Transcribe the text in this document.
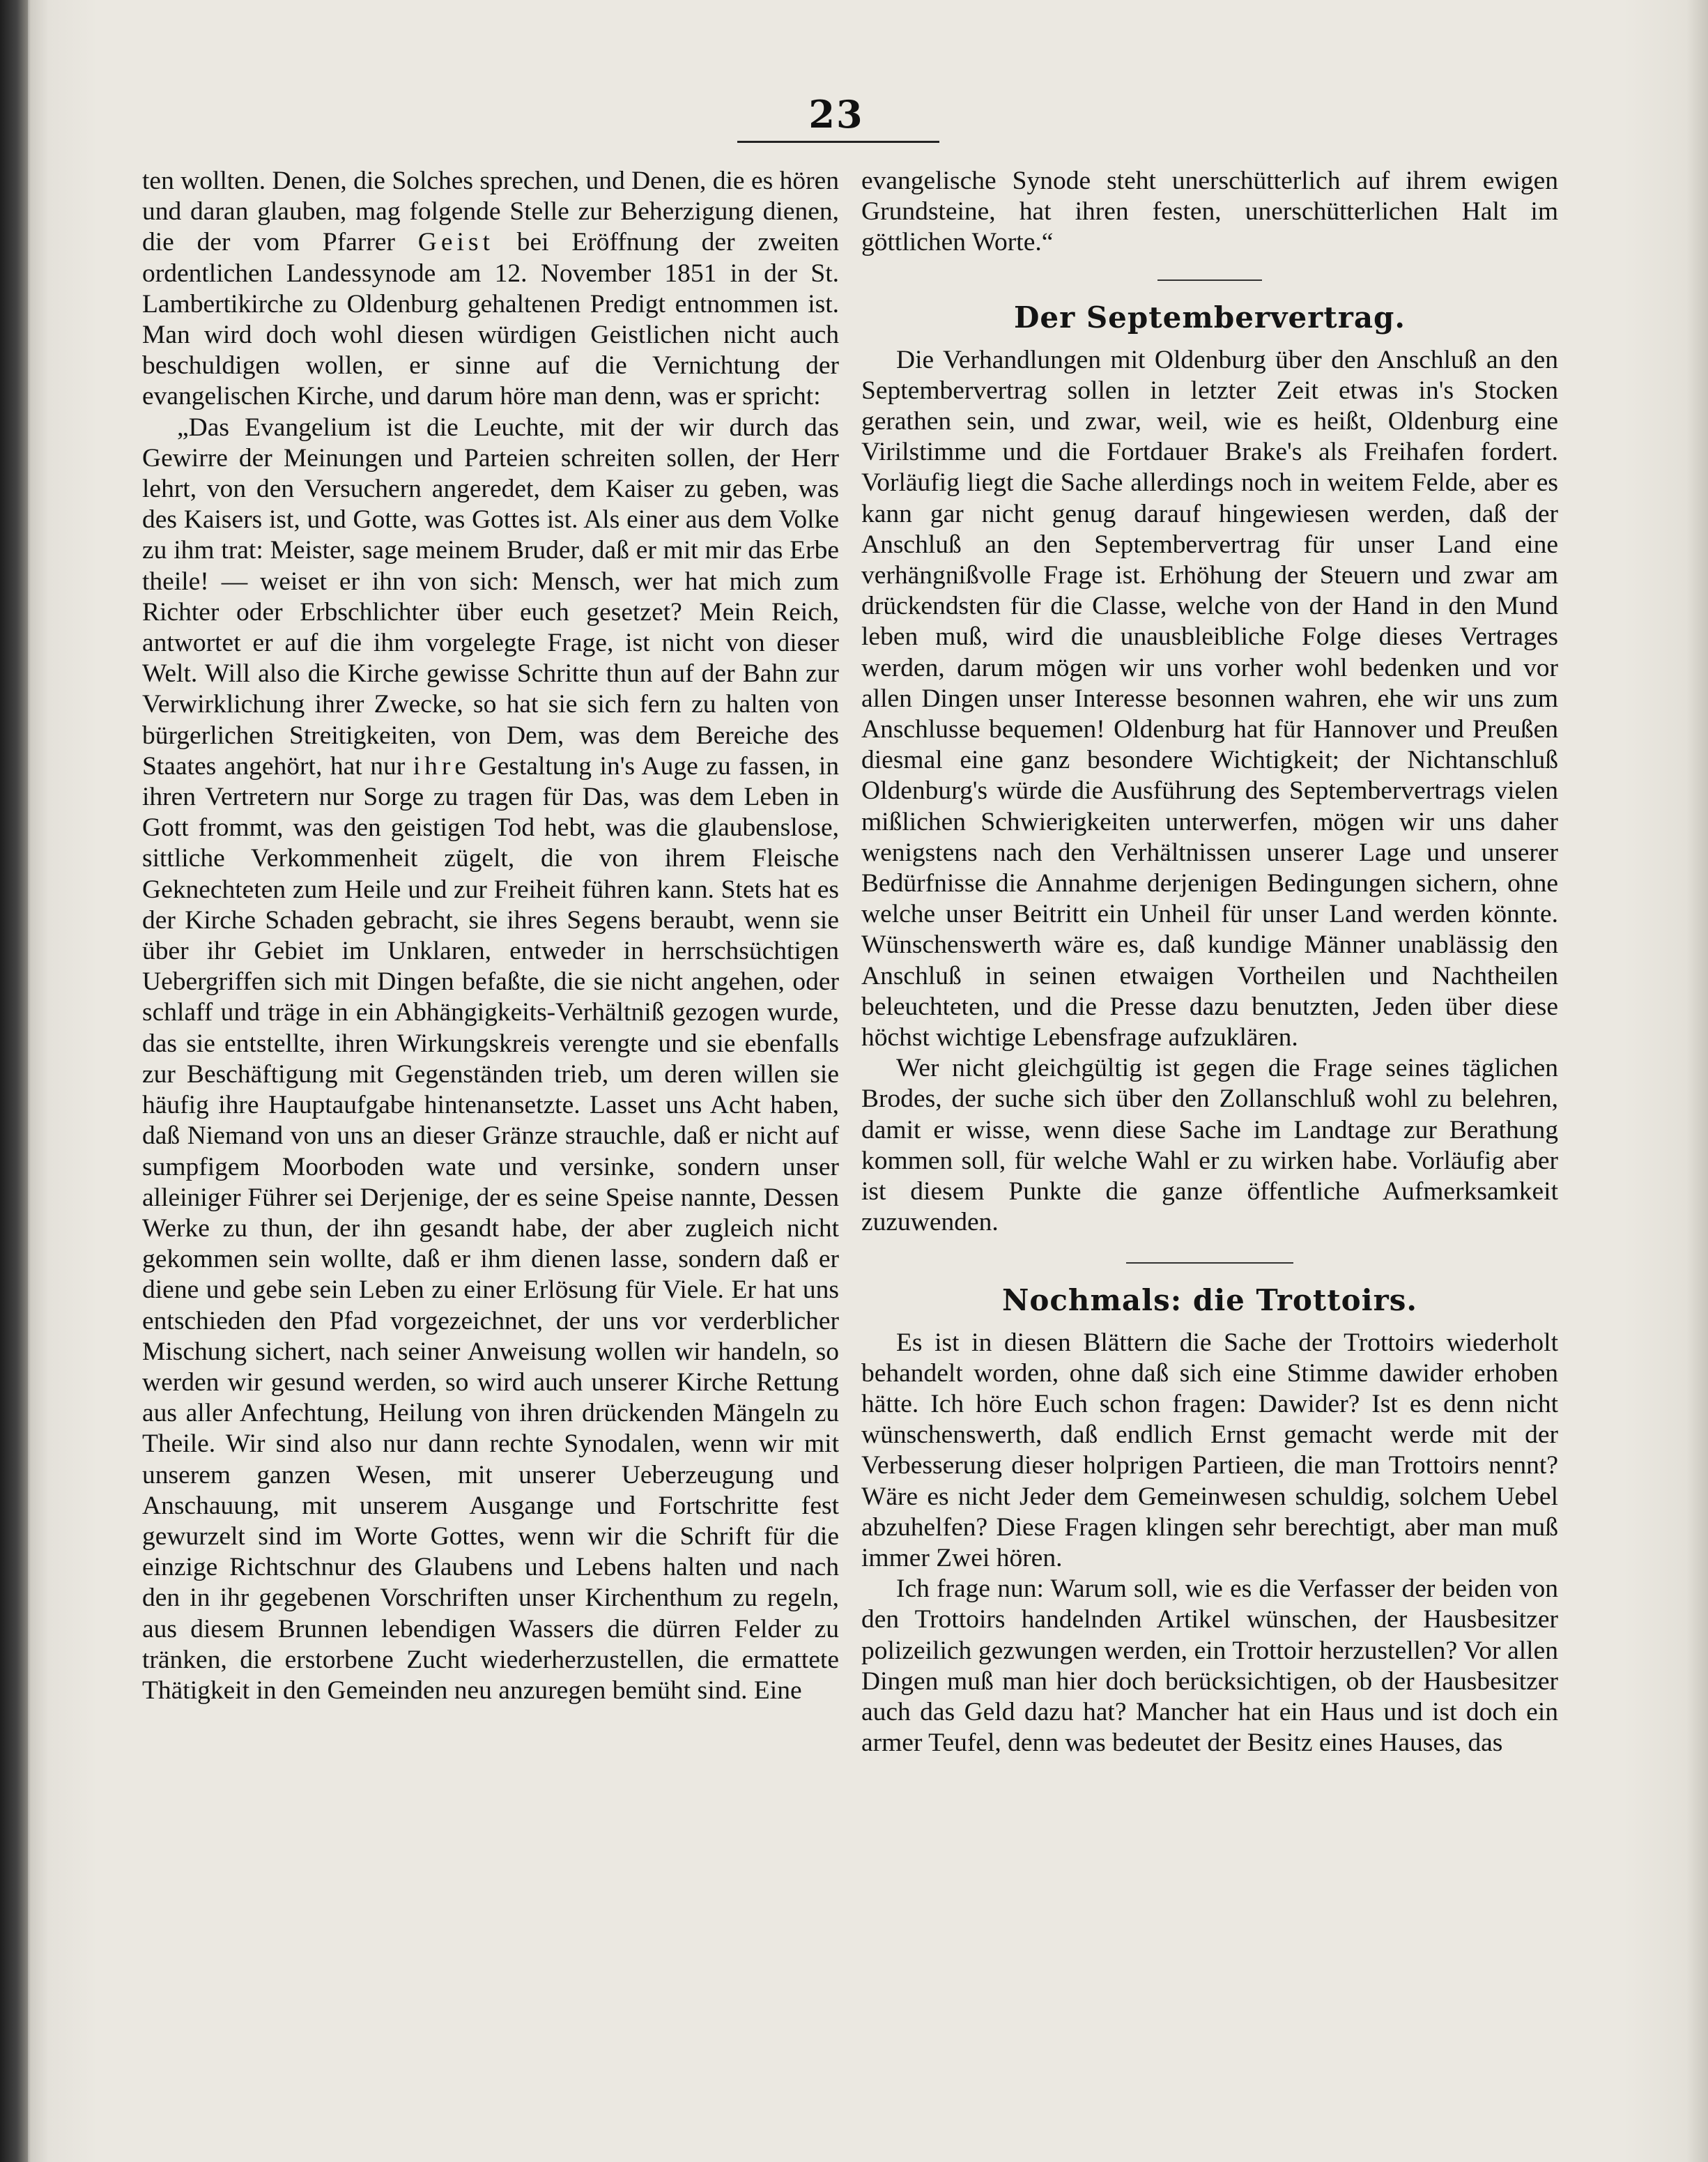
23

ten wollten. Denen, die Solches sprechen, und Denen, die es hören und daran glauben, mag folgende Stelle zur Beherzigung dienen, die der vom Pfarrer Geist bei Eröffnung der zweiten ordentlichen Landessynode am 12. November 1851 in der St. Lambertikirche zu Oldenburg gehaltenen Predigt entnommen ist. Man wird doch wohl diesen würdigen Geistlichen nicht auch beschuldigen wollen, er sinne auf die Vernichtung der evangelischen Kirche, und darum höre man denn, was er spricht:

„Das Evangelium ist die Leuchte, mit der wir durch das Gewirre der Meinungen und Parteien schreiten sollen, der Herr lehrt, von den Versuchern angeredet, dem Kaiser zu geben, was des Kaisers ist, und Gotte, was Gottes ist. Als einer aus dem Volke zu ihm trat: Meister, sage meinem Bruder, daß er mit mir das Erbe theile! — weiset er ihn von sich: Mensch, wer hat mich zum Richter oder Erbschlichter über euch gesetzet? Mein Reich, antwortet er auf die ihm vorgelegte Frage, ist nicht von dieser Welt. Will also die Kirche gewisse Schritte thun auf der Bahn zur Verwirklichung ihrer Zwecke, so hat sie sich fern zu halten von bürgerlichen Streitigkeiten, von Dem, was dem Bereiche des Staates angehört, hat nur ihre Gestaltung in's Auge zu fassen, in ihren Vertretern nur Sorge zu tragen für Das, was dem Leben in Gott frommt, was den geistigen Tod hebt, was die glaubenslose, sittliche Verkommenheit zügelt, die von ihrem Fleische Geknechteten zum Heile und zur Freiheit führen kann. Stets hat es der Kirche Schaden gebracht, sie ihres Segens beraubt, wenn sie über ihr Gebiet im Unklaren, entweder in herrschsüchtigen Uebergriffen sich mit Dingen befaßte, die sie nicht angehen, oder schlaff und träge in ein Abhängigkeits-Verhältniß gezogen wurde, das sie entstellte, ihren Wirkungskreis verengte und sie ebenfalls zur Beschäftigung mit Gegenständen trieb, um deren willen sie häufig ihre Hauptaufgabe hintenansetzte. Lasset uns Acht haben, daß Niemand von uns an dieser Gränze strauchle, daß er nicht auf sumpfigem Moorboden wate und versinke, sondern unser alleiniger Führer sei Derjenige, der es seine Speise nannte, Dessen Werke zu thun, der ihn gesandt habe, der aber zugleich nicht gekommen sein wollte, daß er ihm dienen lasse, sondern daß er diene und gebe sein Leben zu einer Erlösung für Viele. Er hat uns entschieden den Pfad vorgezeichnet, der uns vor verderblicher Mischung sichert, nach seiner Anweisung wollen wir handeln, so werden wir gesund werden, so wird auch unserer Kirche Rettung aus aller Anfechtung, Heilung von ihren drückenden Mängeln zu Theile. Wir sind also nur dann rechte Synodalen, wenn wir mit unserem ganzen Wesen, mit unserer Ueberzeugung und Anschauung, mit unserem Ausgange und Fortschritte fest gewurzelt sind im Worte Gottes, wenn wir die Schrift für die einzige Richtschnur des Glaubens und Lebens halten und nach den in ihr gegebenen Vorschriften unser Kirchenthum zu regeln, aus diesem Brunnen lebendigen Wassers die dürren Felder zu tränken, die erstorbene Zucht wiederherzustellen, die ermattete Thätigkeit in den Gemeinden neu anzuregen bemüht sind. Eine

evangelische Synode steht unerschütterlich auf ihrem ewigen Grundsteine, hat ihren festen, unerschütterlichen Halt im göttlichen Worte.“

Der Septembervertrag.

Die Verhandlungen mit Oldenburg über den Anschluß an den Septembervertrag sollen in letzter Zeit etwas in's Stocken gerathen sein, und zwar, weil, wie es heißt, Oldenburg eine Virilstimme und die Fortdauer Brake's als Freihafen fordert. Vorläufig liegt die Sache allerdings noch in weitem Felde, aber es kann gar nicht genug darauf hingewiesen werden, daß der Anschluß an den Septembervertrag für unser Land eine verhängnißvolle Frage ist. Erhöhung der Steuern und zwar am drückendsten für die Classe, welche von der Hand in den Mund leben muß, wird die unausbleibliche Folge dieses Vertrages werden, darum mögen wir uns vorher wohl bedenken und vor allen Dingen unser Interesse besonnen wahren, ehe wir uns zum Anschlusse bequemen! Oldenburg hat für Hannover und Preußen diesmal eine ganz besondere Wichtigkeit; der Nichtanschluß Oldenburg's würde die Ausführung des Septembervertrags vielen mißlichen Schwierigkeiten unterwerfen, mögen wir uns daher wenigstens nach den Verhältnissen unserer Lage und unserer Bedürfnisse die Annahme derjenigen Bedingungen sichern, ohne welche unser Beitritt ein Unheil für unser Land werden könnte. Wünschenswerth wäre es, daß kundige Männer unablässig den Anschluß in seinen etwaigen Vortheilen und Nachtheilen beleuchteten, und die Presse dazu benutzten, Jeden über diese höchst wichtige Lebensfrage aufzuklären.

Wer nicht gleichgültig ist gegen die Frage seines täglichen Brodes, der suche sich über den Zollanschluß wohl zu belehren, damit er wisse, wenn diese Sache im Landtage zur Berathung kommen soll, für welche Wahl er zu wirken habe. Vorläufig aber ist diesem Punkte die ganze öffentliche Aufmerksamkeit zuzuwenden.

Nochmals: die Trottoirs.

Es ist in diesen Blättern die Sache der Trottoirs wiederholt behandelt worden, ohne daß sich eine Stimme dawider erhoben hätte. Ich höre Euch schon fragen: Dawider? Ist es denn nicht wünschenswerth, daß endlich Ernst gemacht werde mit der Verbesserung dieser holprigen Partieen, die man Trottoirs nennt? Wäre es nicht Jeder dem Gemeinwesen schuldig, solchem Uebel abzuhelfen? Diese Fragen klingen sehr berechtigt, aber man muß immer Zwei hören.

Ich frage nun: Warum soll, wie es die Verfasser der beiden von den Trottoirs handelnden Artikel wünschen, der Hausbesitzer polizeilich gezwungen werden, ein Trottoir herzustellen? Vor allen Dingen muß man hier doch berücksichtigen, ob der Hausbesitzer auch das Geld dazu hat? Mancher hat ein Haus und ist doch ein armer Teufel, denn was bedeutet der Besitz eines Hauses, das
